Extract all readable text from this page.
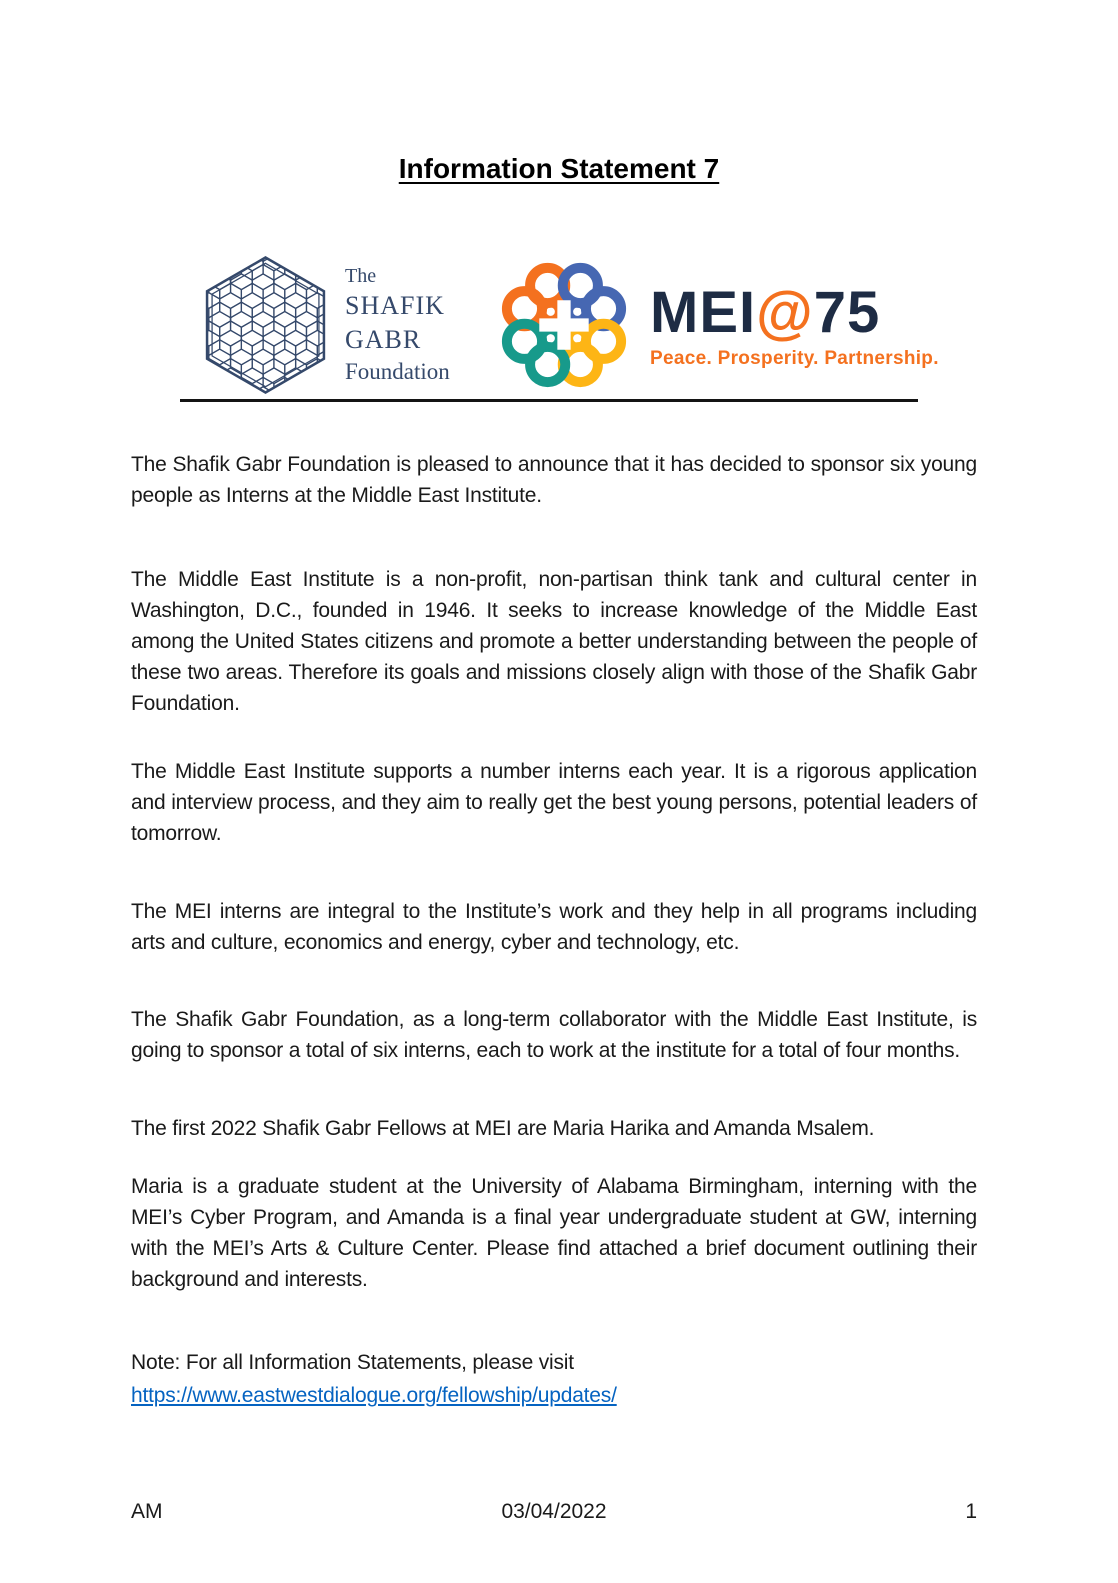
Information Statement 7
The
SHAFIK GABR
Foundation
MEI@75
Peace. Prosperity. Partnership.

The Shafik Gabr Foundation is pleased to announce that it has decided to sponsor six young people as Interns at the Middle East Institute.

The Middle East Institute is a non-profit, non-partisan think tank and cultural center in Washington, D.C., founded in 1946. It seeks to increase knowledge of the Middle East among the United States citizens and promote a better understanding between the people of these two areas. Therefore its goals and missions closely align with those of the Shafik Gabr Foundation.

The Middle East Institute supports a number interns each year. It is a rigorous application and interview process, and they aim to really get the best young persons, potential leaders of tomorrow.

The MEI interns are integral to the Institute’s work and they help in all programs including arts and culture, economics and energy, cyber and technology, etc.

The Shafik Gabr Foundation, as a long-term collaborator with the Middle East Institute, is going to sponsor a total of six interns, each to work at the institute for a total of four months.

The first 2022 Shafik Gabr Fellows at MEI are Maria Harika and Amanda Msalem.

Maria is a graduate student at the University of Alabama Birmingham, interning with the MEI’s Cyber Program, and Amanda is a final year undergraduate student at GW, interning with the MEI’s Arts & Culture Center. Please find attached a brief document outlining their background and interests.

Note: For all Information Statements, please visit

https://www.eastwestdialogue.org/fellowship/updates/
AM	03/04/2022	1
